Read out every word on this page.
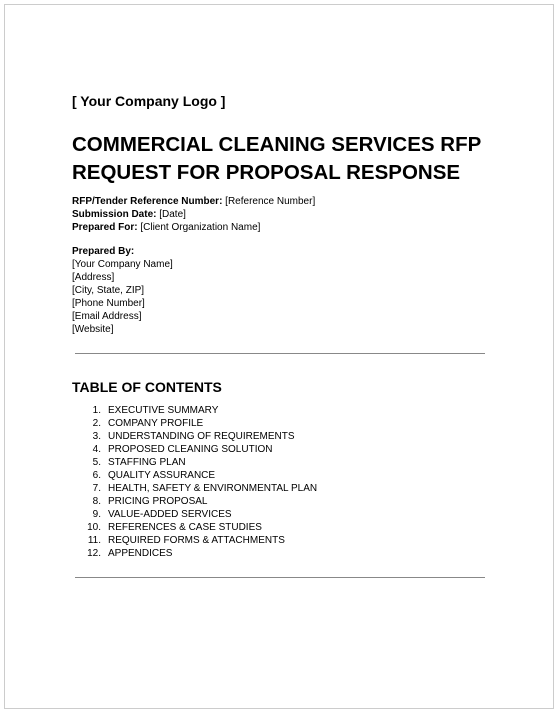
[ Your Company Logo ]
COMMERCIAL CLEANING SERVICES RFP
REQUEST FOR PROPOSAL RESPONSE
RFP/Tender Reference Number: [Reference Number]
Submission Date: [Date]
Prepared For: [Client Organization Name]
Prepared By:
[Your Company Name]
[Address]
[City, State, ZIP]
[Phone Number]
[Email Address]
[Website]
TABLE OF CONTENTS
1. EXECUTIVE SUMMARY
2. COMPANY PROFILE
3. UNDERSTANDING OF REQUIREMENTS
4. PROPOSED CLEANING SOLUTION
5. STAFFING PLAN
6. QUALITY ASSURANCE
7. HEALTH, SAFETY & ENVIRONMENTAL PLAN
8. PRICING PROPOSAL
9. VALUE-ADDED SERVICES
10. REFERENCES & CASE STUDIES
11. REQUIRED FORMS & ATTACHMENTS
12. APPENDICES
